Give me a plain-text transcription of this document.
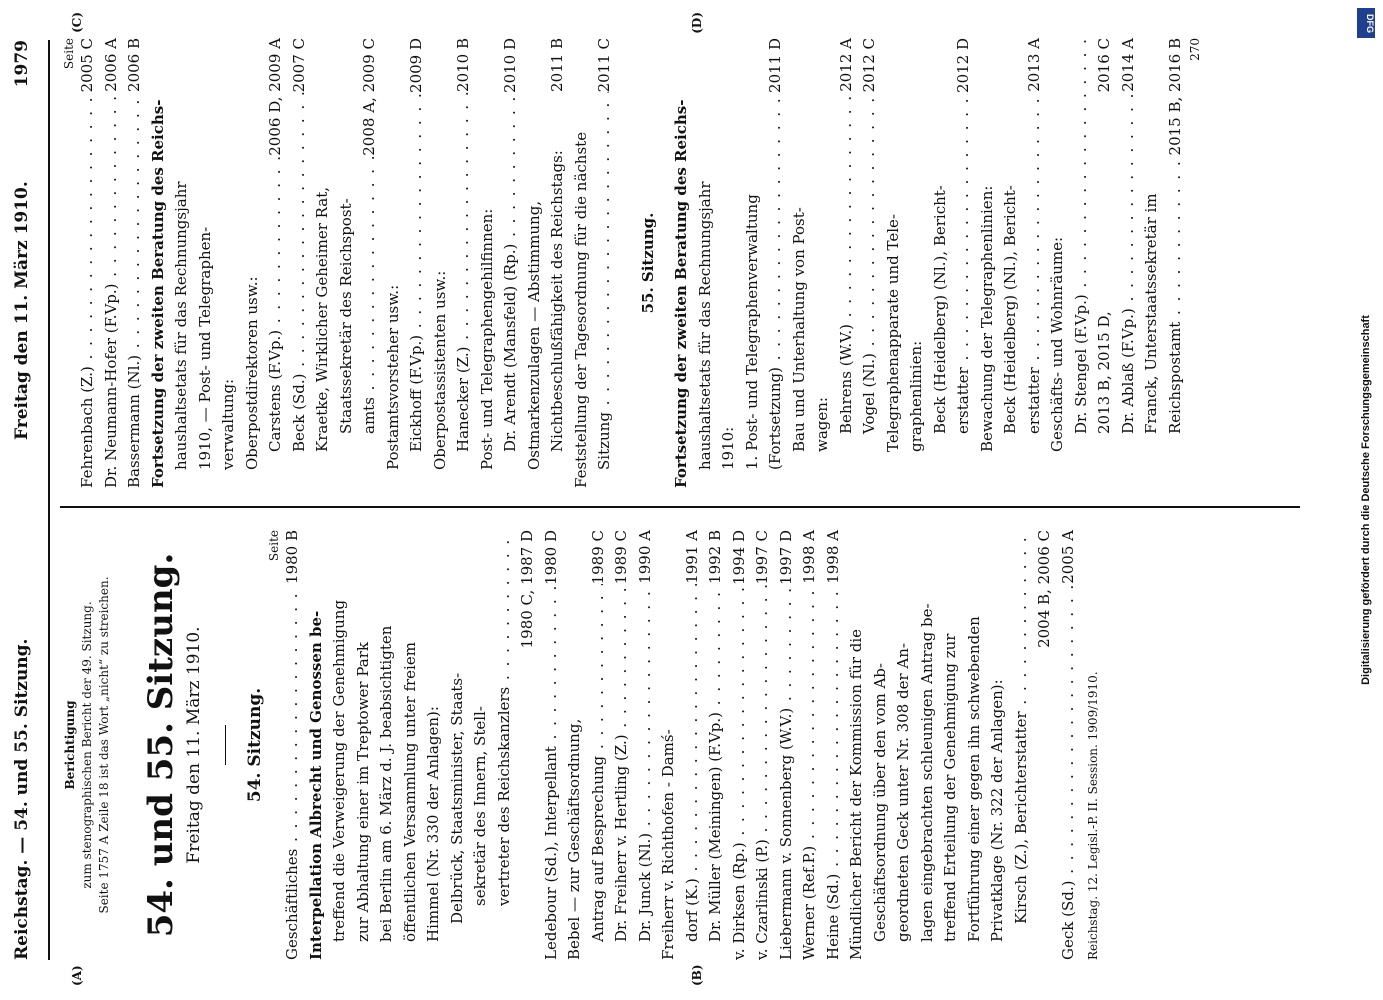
Reichstag. — 54. und 55. Sitzung.
Freitag den 11. März 1910.
1979
(A)	(B)
(C)	(D)
Berichtigung zum stenographischen Bericht der 49. Sitzung. Seite 1757 A Zeile 18 ist das Wort „nicht“ zu streichen. 54. und 55. Sitzung. Freitag den 11. März 1910. 54. Sitzung.
Seite
Geschäftliches . . .
1980 B
Interpellation Albrecht und Genossen be- treffend die Verweigerung der Genehmigung zur Abhaltung einer im Treptower Park bei Berlin am 6. März d. J. beabsichtigten öffentlichen Versammlung unter freiem Himmel (Nr. 330 der Anlagen): Delbrück, Staatsminister, Staats- sekretär des Innern, Stell- vertreter des Reichskanzlers . . .
1980 C, 1987 D
Ledebour (Sd.), Interpellant . . .
1980 D
Bebel — zur Geschäftsordnung, Antrag auf Besprechung . . .
1989 C
Dr. Freiherr v. Hertling (Z.) . . .
1989 C
Dr. Junck (Nl.) . . .
1990 A
Freiherr v. Richthofen - Damś- dorf (K.) . . .
1991 A
Dr. Müller (Meiningen) (F.Vp.) . . .
1992 B
v. Dirksen (Rp.) . . .
1994 D
v. Czarlinski (P.) . . .
1997 C
Liebermann v. Sonnenberg (W.V.) . . .
1997 D
Werner (Ref.P.) . . .
1998 A
Heine (Sd.) . . .
1998 A
Mündlicher Bericht der Kommission für die Geschäftsordnung über den vom Ab- geordneten Geck unter Nr. 308 der An- lagen eingebrachten schleunigen Antrag be- treffend Erteilung der Genehmigung zur Fortführung einer gegen ihn schwebenden Privatklage (Nr. 322 der Anlagen): Kirsch (Z.), Berichterstatter . . .
2004 B, 2006 C
Geck (Sd.) . . .
2005 A
Reichstag. 12. Legisl.-P. II. Session. 1909/1910.
Seite
Fehrenbach (Z.) . . .
2005 C
Dr. Neumann-Hofer (F.Vp.) . . .
2006 A
Bassermann (Nl.) . . .
2006 B
Fortsetzung der zweiten Beratung des Reichs- haushaltsetats für das Rechnungsjahr 1910, — Post- und Telegraphen- verwaltung: Oberpostdirektoren usw.: Carstens (F.Vp.) . . .
2006 D, 2009 A
Beck (Sd.) . . .
2007 C
Kraetke, Wirklicher Geheimer Rat, Staatssekretär des Reichspost- amts . . .
2008 A, 2009 C
Postamtsvorsteher usw.: Eickhoff (F.Vp.) . . .
2009 D
Oberpostassistenten usw.: Hanecker (Z.) . . .
2010 B
Post- und Telegraphengehilfinnen: Dr. Arendt (Mansfeld) (Rp.) . . .
2010 D
Ostmarkenzulagen — Abstimmung, Nichtbeschlußfähigkeit des Reichstags:
2011 B
Feststellung der Tagesordnung für die nächste Sitzung . . .
2011 C
55. Sitzung. Fortsetzung der zweiten Beratung des Reichs- haushaltsetats für das Rechnungsjahr 1910: 1. Post- und Telegraphenverwaltung (Fortsetzung) . . .
2011 D
Bau und Unterhaltung von Post- wagen: Behrens (W.V.) . . .
2012 A
Vogel (Nl.) . . .
2012 C
Telegraphenapparate und Tele- graphenlinien: Beck (Heidelberg) (Nl.), Bericht- erstatter . . .
2012 D
Bewachung der Telegraphenlinien: Beck (Heidelberg) (Nl.), Bericht- erstatter . . .
2013 A
Geschäfts- und Wohnräume: Dr. Stengel (F.Vp.) . . . 2013 B, 2015 D,
2016 C
Dr. Ablaß (F.Vp.) . . .
2014 A
Franck, Unterstaatssekretär im Reichspostamt . . .
2015 B, 2016 B 270
Digitalisierung gefördert durch die Deutsche Forschungsgemeinschaft
DFG
